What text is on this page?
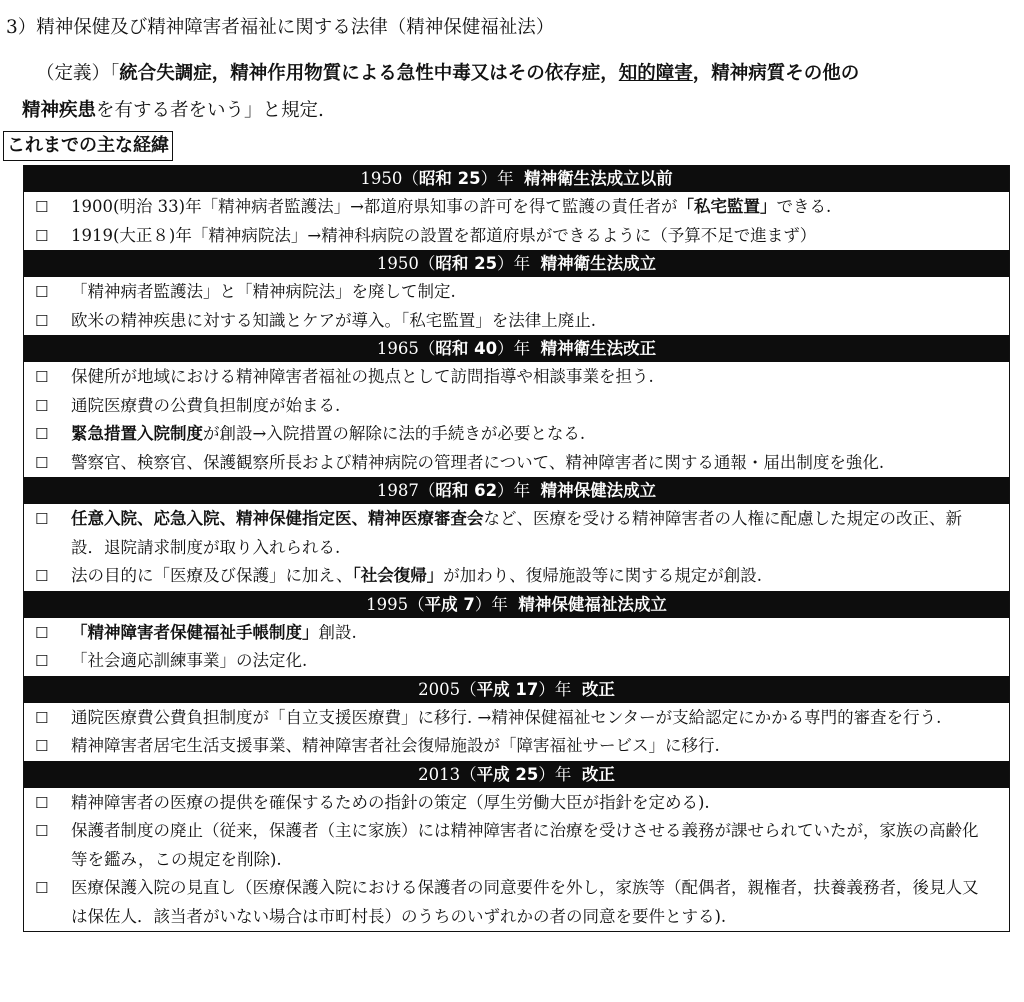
3）精神保健及び精神障害者福祉に関する法律（精神保健福祉法）
（定義）「統合失調症，精神作用物質による急性中毒又はその依存症，知的障害，精神病質その他の
精神疾患を有する者をいう」と規定.
これまでの主な経緯
1950（昭和 25）年 精神衛生法成立以前
☐ 1900(明治 33)年「精神病者監護法」→都道府県知事の許可を得て監護の責任者が「私宅監置」できる.
☐ 1919(大正８)年「精神病院法」→精神科病院の設置を都道府県ができるように（予算不足で進まず）
1950（昭和 25）年 精神衛生法成立
☐ 「精神病者監護法」と「精神病院法」を廃して制定.
☐ 欧米の精神疾患に対する知識とケアが導入。「私宅監置」を法律上廃止.
1965（昭和 40）年 精神衛生法改正
☐ 保健所が地域における精神障害者福祉の拠点として訪問指導や相談事業を担う.
☐ 通院医療費の公費負担制度が始まる.
☐ 緊急措置入院制度が創設→入院措置の解除に法的手続きが必要となる.
☐ 警察官、検察官、保護観察所長および精神病院の管理者について、精神障害者に関する通報・届出制度を強化.
1987（昭和 62）年 精神保健法成立
☐ 任意入院、応急入院、精神保健指定医、精神医療審査会など、医療を受ける精神障害者の人権に配慮した規定の改正、新設．退院請求制度が取り入れられる.
☐ 法の目的に「医療及び保護」に加え、「社会復帰」が加わり、復帰施設等に関する規定が創設.
1995（平成 7）年 精神保健福祉法成立
☐ 「精神障害者保健福祉手帳制度」創設.
☐ 「社会適応訓練事業」の法定化.
2005（平成 17）年 改正
☐ 通院医療費公費負担制度が「自立支援医療費」に移行. →精神保健福祉センターが支給認定にかかる専門的審査を行う.
☐ 精神障害者居宅生活支援事業、精神障害者社会復帰施設が「障害福祉サービス」に移行.
2013（平成 25）年 改正
☐ 精神障害者の医療の提供を確保するための指針の策定（厚生労働大臣が指針を定める).
☐ 保護者制度の廃止（従来，保護者（主に家族）には精神障害者に治療を受けさせる義務が課せられていたが，家族の高齢化等を鑑み，この規定を削除).
☐ 医療保護入院の見直し（医療保護入院における保護者の同意要件を外し，家族等（配偶者，親権者，扶養義務者，後見人又は保佐人．該当者がいない場合は市町村長）のうちのいずれかの者の同意を要件とする).
